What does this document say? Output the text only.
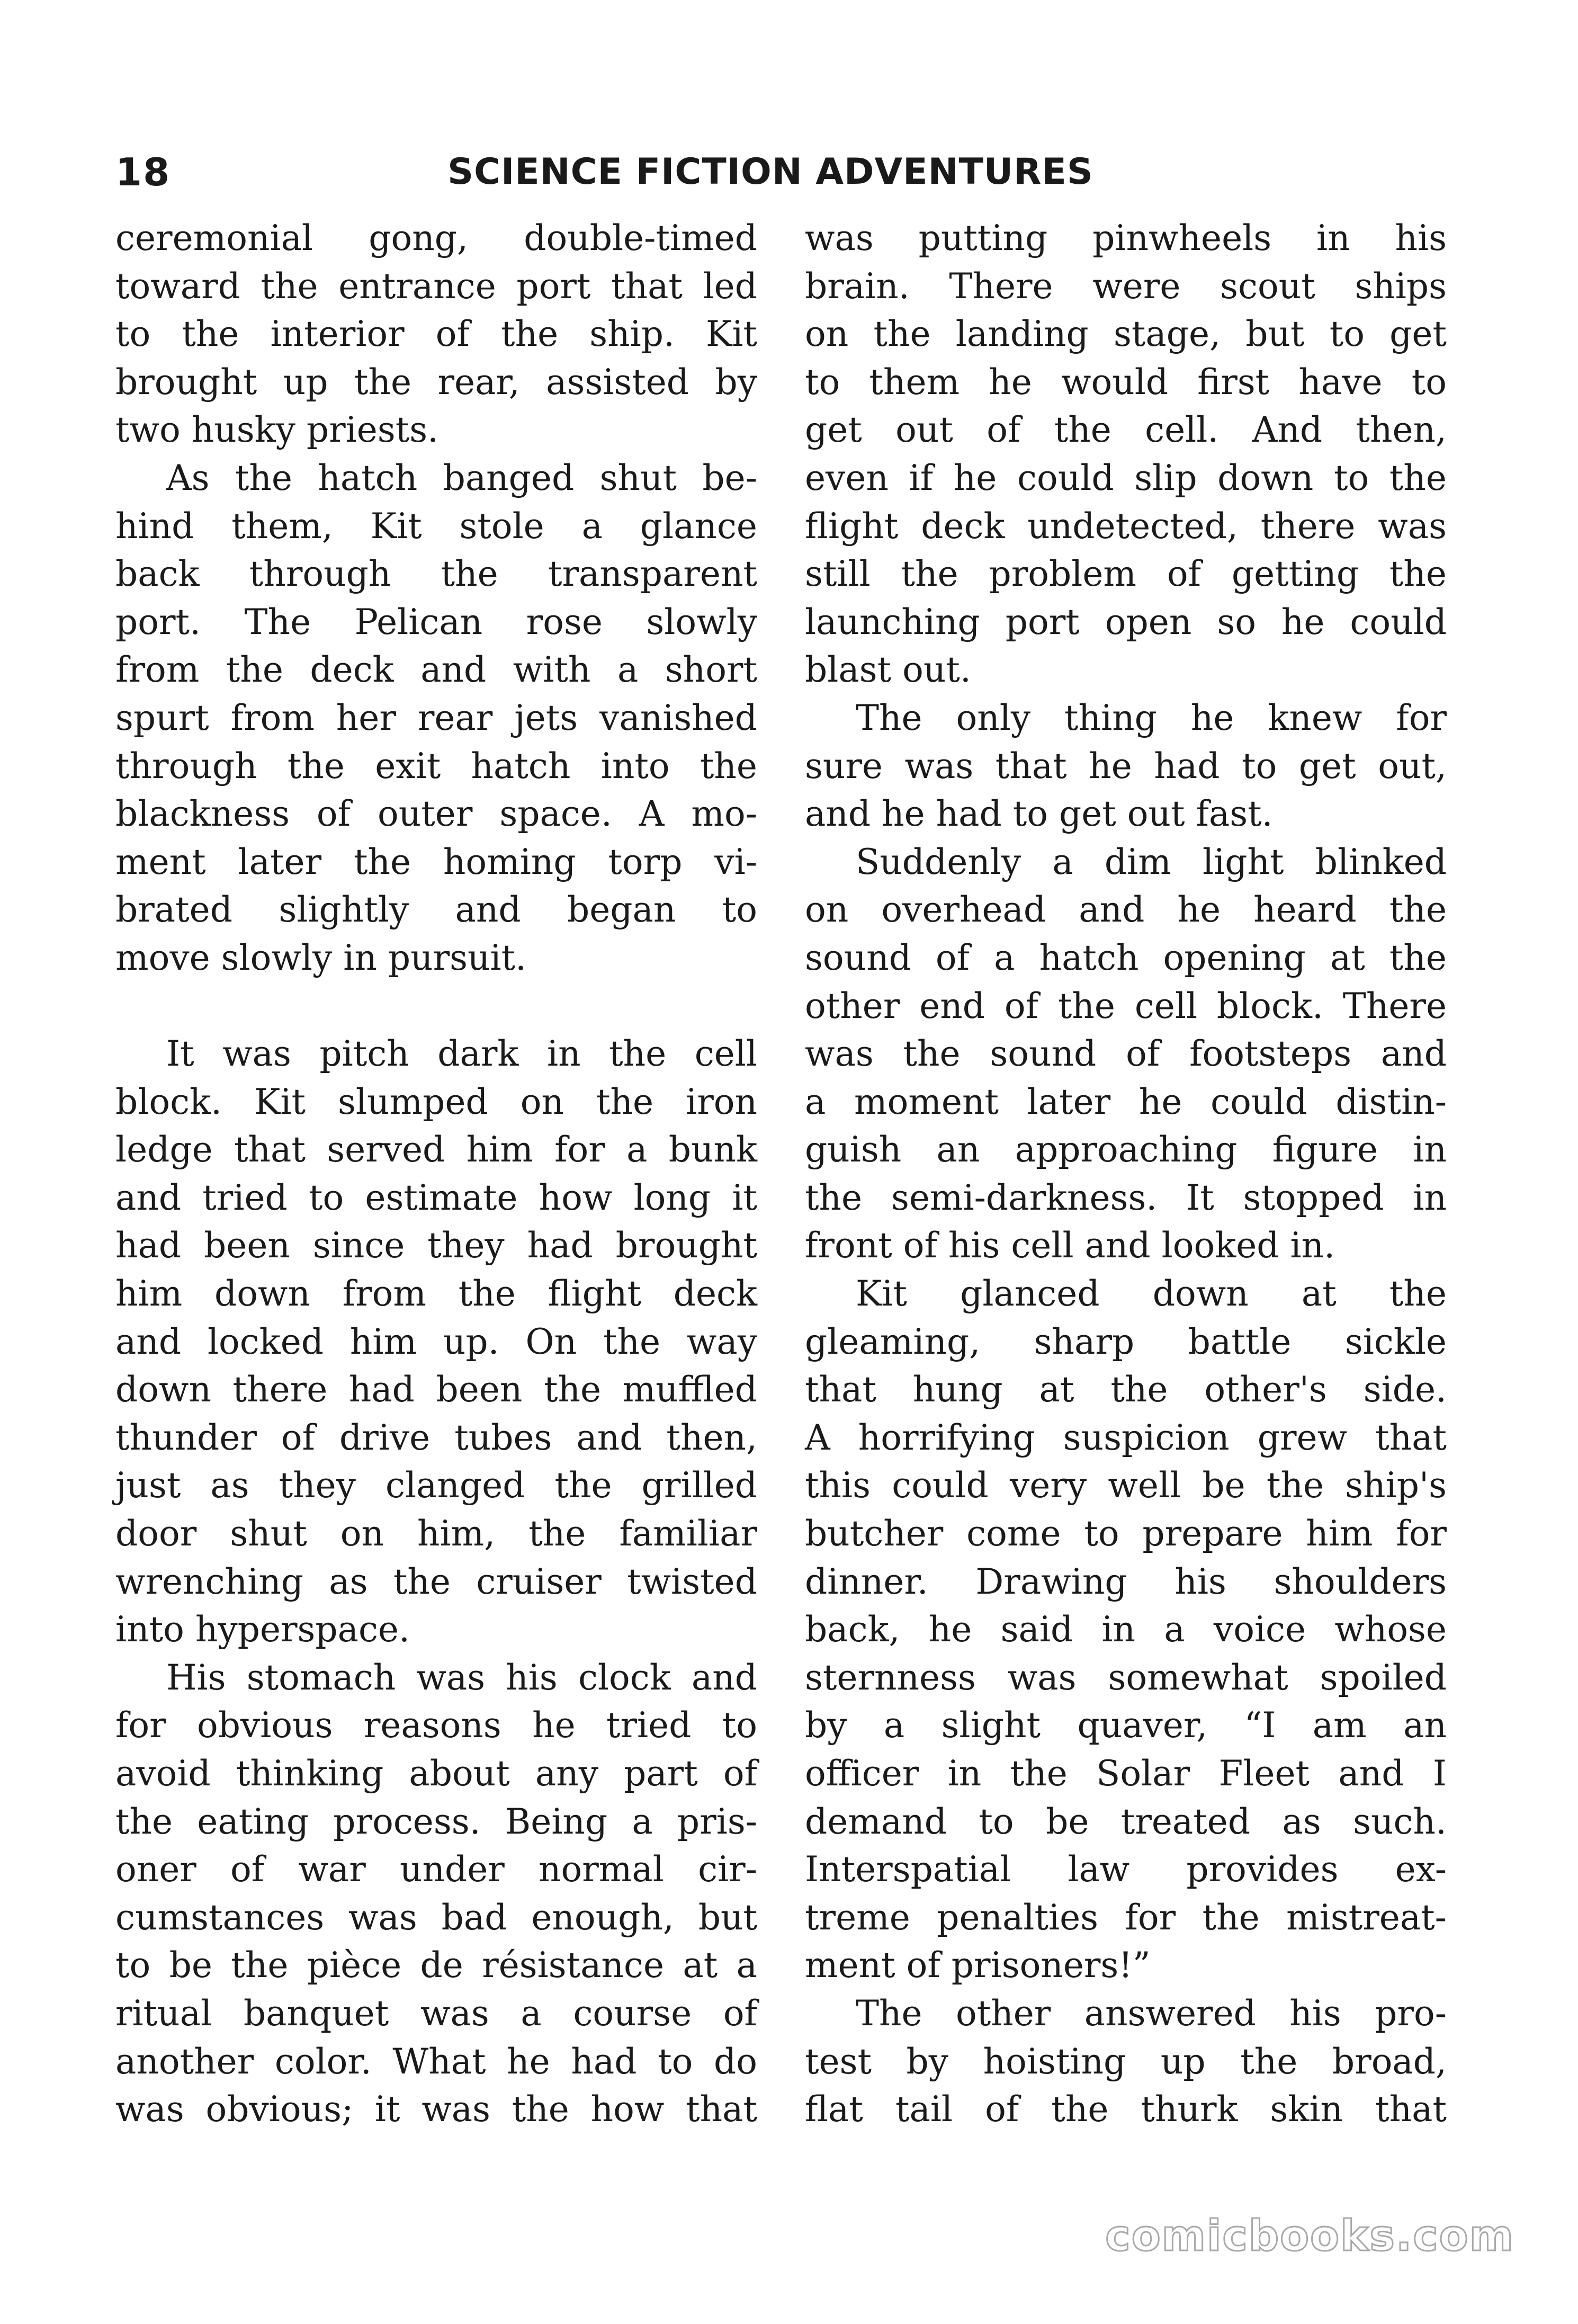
18	SCIENCE FICTION ADVENTURES
ceremonial gong, double-timed
toward the entrance port that led
to the interior of the ship. Kit
brought up the rear, assisted by
two husky priests.
As the hatch banged shut be-
hind them, Kit stole a glance
back through the transparent
port. The Pelican rose slowly
from the deck and with a short
spurt from her rear jets vanished
through the exit hatch into the
blackness of outer space. A mo-
ment later the homing torp vi-
brated slightly and began to
move slowly in pursuit.
It was pitch dark in the cell
block. Kit slumped on the iron
ledge that served him for a bunk
and tried to estimate how long it
had been since they had brought
him down from the flight deck
and locked him up. On the way
down there had been the muffled
thunder of drive tubes and then,
just as they clanged the grilled
door shut on him, the familiar
wrenching as the cruiser twisted
into hyperspace.
His stomach was his clock and
for obvious reasons he tried to
avoid thinking about any part of
the eating process. Being a pris-
oner of war under normal cir-
cumstances was bad enough, but
to be the pièce de résistance at a
ritual banquet was a course of
another color. What he had to do
was obvious; it was the how that
was putting pinwheels in his
brain. There were scout ships
on the landing stage, but to get
to them he would first have to
get out of the cell. And then,
even if he could slip down to the
flight deck undetected, there was
still the problem of getting the
launching port open so he could
blast out.
The only thing he knew for
sure was that he had to get out,
and he had to get out fast.
Suddenly a dim light blinked
on overhead and he heard the
sound of a hatch opening at the
other end of the cell block. There
was the sound of footsteps and
a moment later he could distin-
guish an approaching figure in
the semi-darkness. It stopped in
front of his cell and looked in.
Kit glanced down at the
gleaming, sharp battle sickle
that hung at the other's side.
A horrifying suspicion grew that
this could very well be the ship's
butcher come to prepare him for
dinner. Drawing his shoulders
back, he said in a voice whose
sternness was somewhat spoiled
by a slight quaver, “I am an
officer in the Solar Fleet and I
demand to be treated as such.
Interspatial law provides ex-
treme penalties for the mistreat-
ment of prisoners!”
The other answered his pro-
test by hoisting up the broad,
flat tail of the thurk skin that
comicbooks.com
